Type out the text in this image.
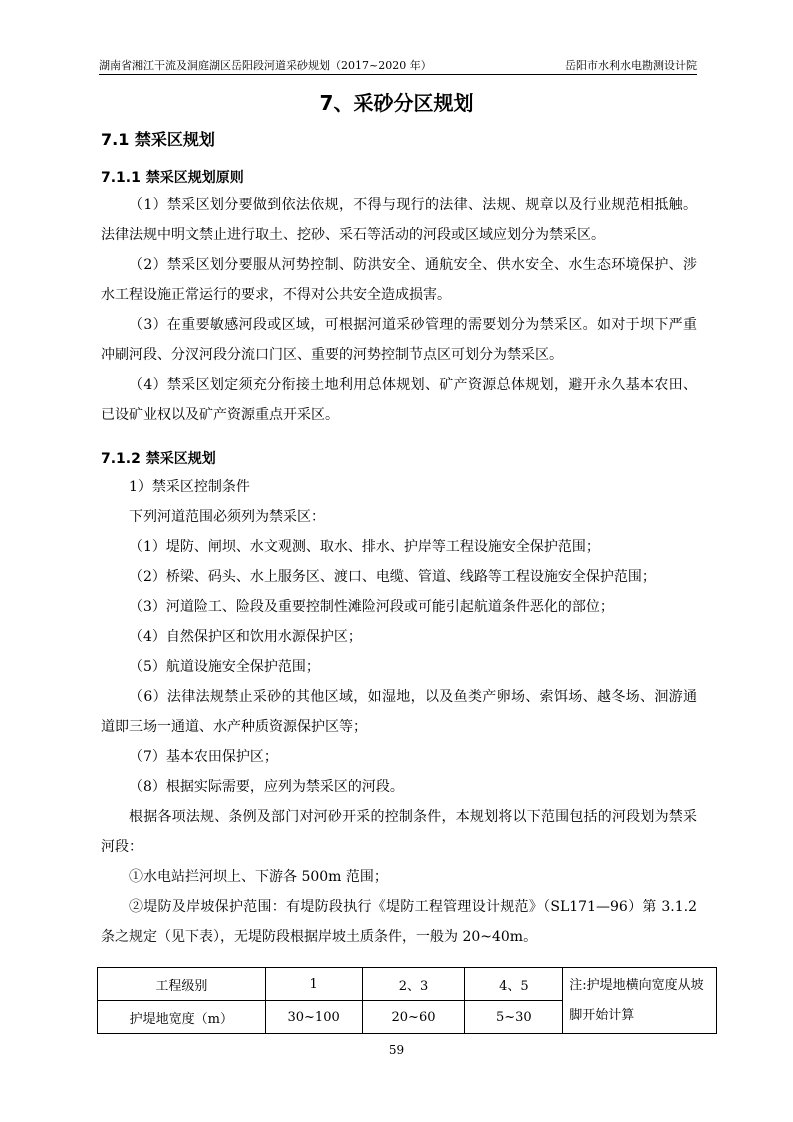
湖南省湘江干流及洞庭湖区岳阳段河道采砂规划（2017~2020 年）	岳阳市水利水电勘测设计院
7、采砂分区规划
7.1 禁采区规划
7.1.1 禁采区规划原则

（1）禁采区划分要做到依法依规，不得与现行的法律、法规、规章以及行业规范相抵触。法律法规中明文禁止进行取土、挖砂、采石等活动的河段或区域应划分为禁采区。

（2）禁采区划分要服从河势控制、防洪安全、通航安全、供水安全、水生态环境保护、涉水工程设施正常运行的要求，不得对公共安全造成损害。

（3）在重要敏感河段或区域，可根据河道采砂管理的需要划分为禁采区。如对于坝下严重冲刷河段、分汊河段分流口门区、重要的河势控制节点区可划分为禁采区。

（4）禁采区划定须充分衔接土地利用总体规划、矿产资源总体规划，避开永久基本农田、已设矿业权以及矿产资源重点开采区。

7.1.2 禁采区规划

1）禁采区控制条件

下列河道范围必须列为禁采区：

（1）堤防、闸坝、水文观测、取水、排水、护岸等工程设施安全保护范围；

（2）桥梁、码头、水上服务区、渡口、电缆、管道、线路等工程设施安全保护范围；

（3）河道险工、险段及重要控制性滩险河段或可能引起航道条件恶化的部位；

（4）自然保护区和饮用水源保护区；

（5）航道设施安全保护范围；

（6）法律法规禁止采砂的其他区域，如湿地，以及鱼类产卵场、索饵场、越冬场、洄游通道即三场一通道、水产种质资源保护区等；

（7）基本农田保护区；

（8）根据实际需要，应列为禁采区的河段。

根据各项法规、条例及部门对河砂开采的控制条件，本规划将以下范围包括的河段划为禁采河段：

①水电站拦河坝上、下游各 500m 范围；

②堤防及岸坡保护范围：有堤防段执行《堤防工程管理设计规范》（SL171—96）第 3.1.2 条之规定（见下表），无堤防段根据岸坡土质条件，一般为 20~40m。

工程级别	1	2、3	4、5	注:护堤地横向宽度从坡脚开始计算
护堤地宽度（m）	30~100	20~60	5~30	
59
